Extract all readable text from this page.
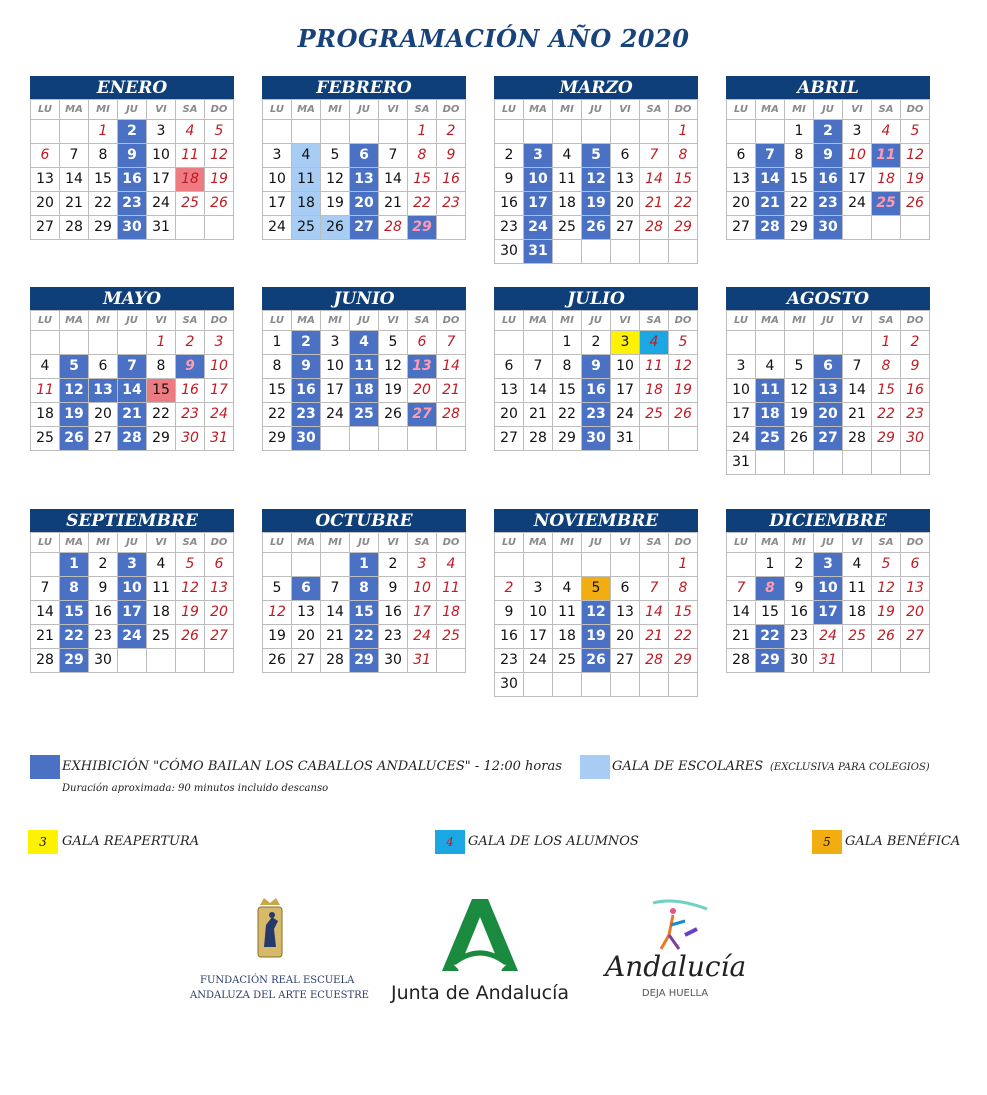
PROGRAMACIÓN AÑO 2020
ENERO
LU	MA	MI	JU	VI	SA	DO
		1	2	3	4	5
6	7	8	9	10	11	12
13	14	15	16	17	18	19
20	21	22	23	24	25	26
27	28	29	30	31		
FEBRERO
LU	MA	MI	JU	VI	SA	DO
					1	2
3	4	5	6	7	8	9
10	11	12	13	14	15	16
17	18	19	20	21	22	23
24	25	26	27	28	29	
MARZO
LU	MA	MI	JU	VI	SA	DO
						1
2	3	4	5	6	7	8
9	10	11	12	13	14	15
16	17	18	19	20	21	22
23	24	25	26	27	28	29
30	31					
ABRIL
LU	MA	MI	JU	VI	SA	DO
		1	2	3	4	5
6	7	8	9	10	11	12
13	14	15	16	17	18	19
20	21	22	23	24	25	26
27	28	29	30			
MAYO
LU	MA	MI	JU	VI	SA	DO
				1	2	3
4	5	6	7	8	9	10
11	12	13	14	15	16	17
18	19	20	21	22	23	24
25	26	27	28	29	30	31
JUNIO
LU	MA	MI	JU	VI	SA	DO
1	2	3	4	5	6	7
8	9	10	11	12	13	14
15	16	17	18	19	20	21
22	23	24	25	26	27	28
29	30					
JULIO
LU	MA	MI	JU	VI	SA	DO
		1	2	3	4	5
6	7	8	9	10	11	12
13	14	15	16	17	18	19
20	21	22	23	24	25	26
27	28	29	30	31		
AGOSTO
LU	MA	MI	JU	VI	SA	DO
					1	2
3	4	5	6	7	8	9
10	11	12	13	14	15	16
17	18	19	20	21	22	23
24	25	26	27	28	29	30
31						
SEPTIEMBRE
LU	MA	MI	JU	VI	SA	DO
	1	2	3	4	5	6
7	8	9	10	11	12	13
14	15	16	17	18	19	20
21	22	23	24	25	26	27
28	29	30				
OCTUBRE
LU	MA	MI	JU	VI	SA	DO
			1	2	3	4
5	6	7	8	9	10	11
12	13	14	15	16	17	18
19	20	21	22	23	24	25
26	27	28	29	30	31	
NOVIEMBRE
LU	MA	MI	JU	VI	SA	DO
						1
2	3	4	5	6	7	8
9	10	11	12	13	14	15
16	17	18	19	20	21	22
23	24	25	26	27	28	29
30						
DICIEMBRE
LU	MA	MI	JU	VI	SA	DO
	1	2	3	4	5	6
7	8	9	10	11	12	13
14	15	16	17	18	19	20
21	22	23	24	25	26	27
28	29	30	31			
EXHIBICIÓN "CÓMO BAILAN LOS CABALLOS ANDALUCES" - 12:00 horas
Duración aproximada: 90 minutos incluido descanso
GALA DE ESCOLARES (EXCLUSIVA PARA COLEGIOS)
3	GALA REAPERTURA	4	GALA DE LOS ALUMNOS	5	GALA BENÉFICA
FUNDACIÓN REAL ESCUELA
ANDALUZA DEL ARTE ECUESTRE Junta de Andalucía
Andalucía
DEJA HUELLA
